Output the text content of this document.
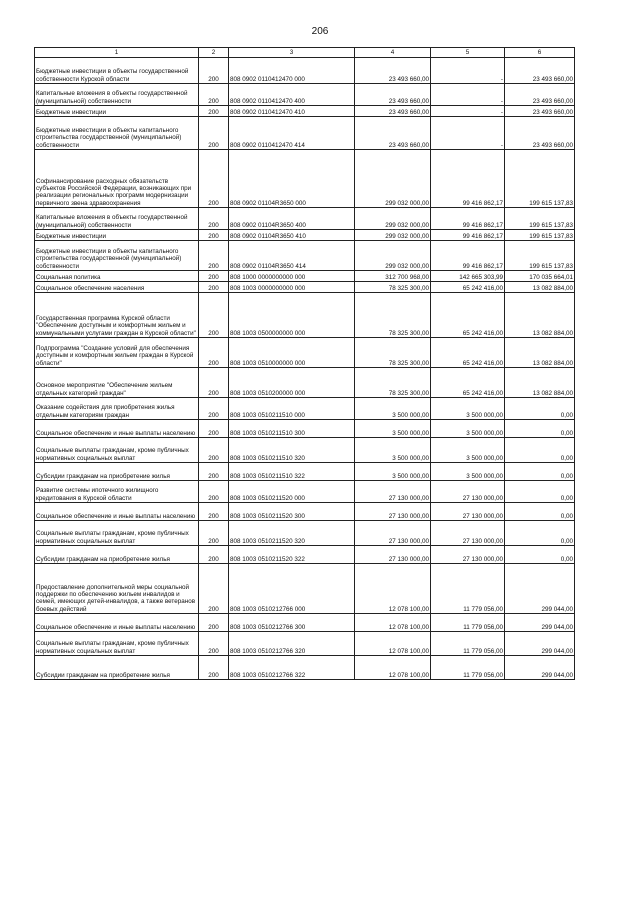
206
1	2	3	4	5	6
Бюджетные инвестиции в объекты государственной собственности Курской области	200	808 0902 0110412470 000	23 493 660,00	-	23 493 660,00
Капитальные вложения в объекты государственной (муниципальной) собственности	200	808 0902 0110412470 400	23 493 660,00	-	23 493 660,00
Бюджетные инвестиции	200	808 0902 0110412470 410	23 493 660,00	-	23 493 660,00
Бюджетные инвестиции в объекты капитального строительства государственной (муниципальной) собственности	200	808 0902 0110412470 414	23 493 660,00	-	23 493 660,00
Софинансирование расходных обязательств субъектов Российской Федерации, возникающих при реализации региональных программ модернизации первичного звена здравоохранения	200	808 0902 01104R3650 000	299 032 000,00	99 416 862,17	199 615 137,83
Капитальные вложения в объекты государственной (муниципальной) собственности	200	808 0902 01104R3650 400	299 032 000,00	99 416 862,17	199 615 137,83
Бюджетные инвестиции	200	808 0902 01104R3650 410	299 032 000,00	99 416 862,17	199 615 137,83
Бюджетные инвестиции в объекты капитального строительства государственной (муниципальной) собственности	200	808 0902 01104R3650 414	299 032 000,00	99 416 862,17	199 615 137,83
Социальная политика	200	808 1000 0000000000 000	312 700 968,00	142 665 303,99	170 035 664,01
Социальное обеспечение населения	200	808 1003 0000000000 000	78 325 300,00	65 242 416,00	13 082 884,00
Государственная программа Курской области "Обеспечение доступным и комфортным жильем и коммунальными услугами граждан в Курской области"	200	808 1003 0500000000 000	78 325 300,00	65 242 416,00	13 082 884,00
Подпрограмма "Создание условий для обеспечения доступным и комфортным жильем граждан в Курской области"	200	808 1003 0510000000 000	78 325 300,00	65 242 416,00	13 082 884,00
Основное мероприятие "Обеспечение жильем отдельных категорий граждан"	200	808 1003 0510200000 000	78 325 300,00	65 242 416,00	13 082 884,00
Оказание содействия для приобретения жилья отдельным категориям граждан	200	808 1003 0510211510 000	3 500 000,00	3 500 000,00	0,00
Социальное обеспечение и иные выплаты населению	200	808 1003 0510211510 300	3 500 000,00	3 500 000,00	0,00
Социальные выплаты гражданам, кроме публичных нормативных социальных выплат	200	808 1003 0510211510 320	3 500 000,00	3 500 000,00	0,00
Субсидии гражданам на приобретение жилья	200	808 1003 0510211510 322	3 500 000,00	3 500 000,00	0,00
Развитие системы ипотечного жилищного кредитования в Курской области	200	808 1003 0510211520 000	27 130 000,00	27 130 000,00	0,00
Социальное обеспечение и иные выплаты населению	200	808 1003 0510211520 300	27 130 000,00	27 130 000,00	0,00
Социальные выплаты гражданам, кроме публичных нормативных социальных выплат	200	808 1003 0510211520 320	27 130 000,00	27 130 000,00	0,00
Субсидии гражданам на приобретение жилья	200	808 1003 0510211520 322	27 130 000,00	27 130 000,00	0,00
Предоставление дополнительной меры социальной поддержки по обеспечению жильем инвалидов и семей, имеющих детей-инвалидов, а также ветеранов боевых действий	200	808 1003 0510212766 000	12 078 100,00	11 779 056,00	299 044,00
Социальное обеспечение и иные выплаты населению	200	808 1003 0510212766 300	12 078 100,00	11 779 056,00	299 044,00
Социальные выплаты гражданам, кроме публичных нормативных социальных выплат	200	808 1003 0510212766 320	12 078 100,00	11 779 056,00	299 044,00
Субсидии гражданам на приобретение жилья	200	808 1003 0510212766 322	12 078 100,00	11 779 056,00	299 044,00
